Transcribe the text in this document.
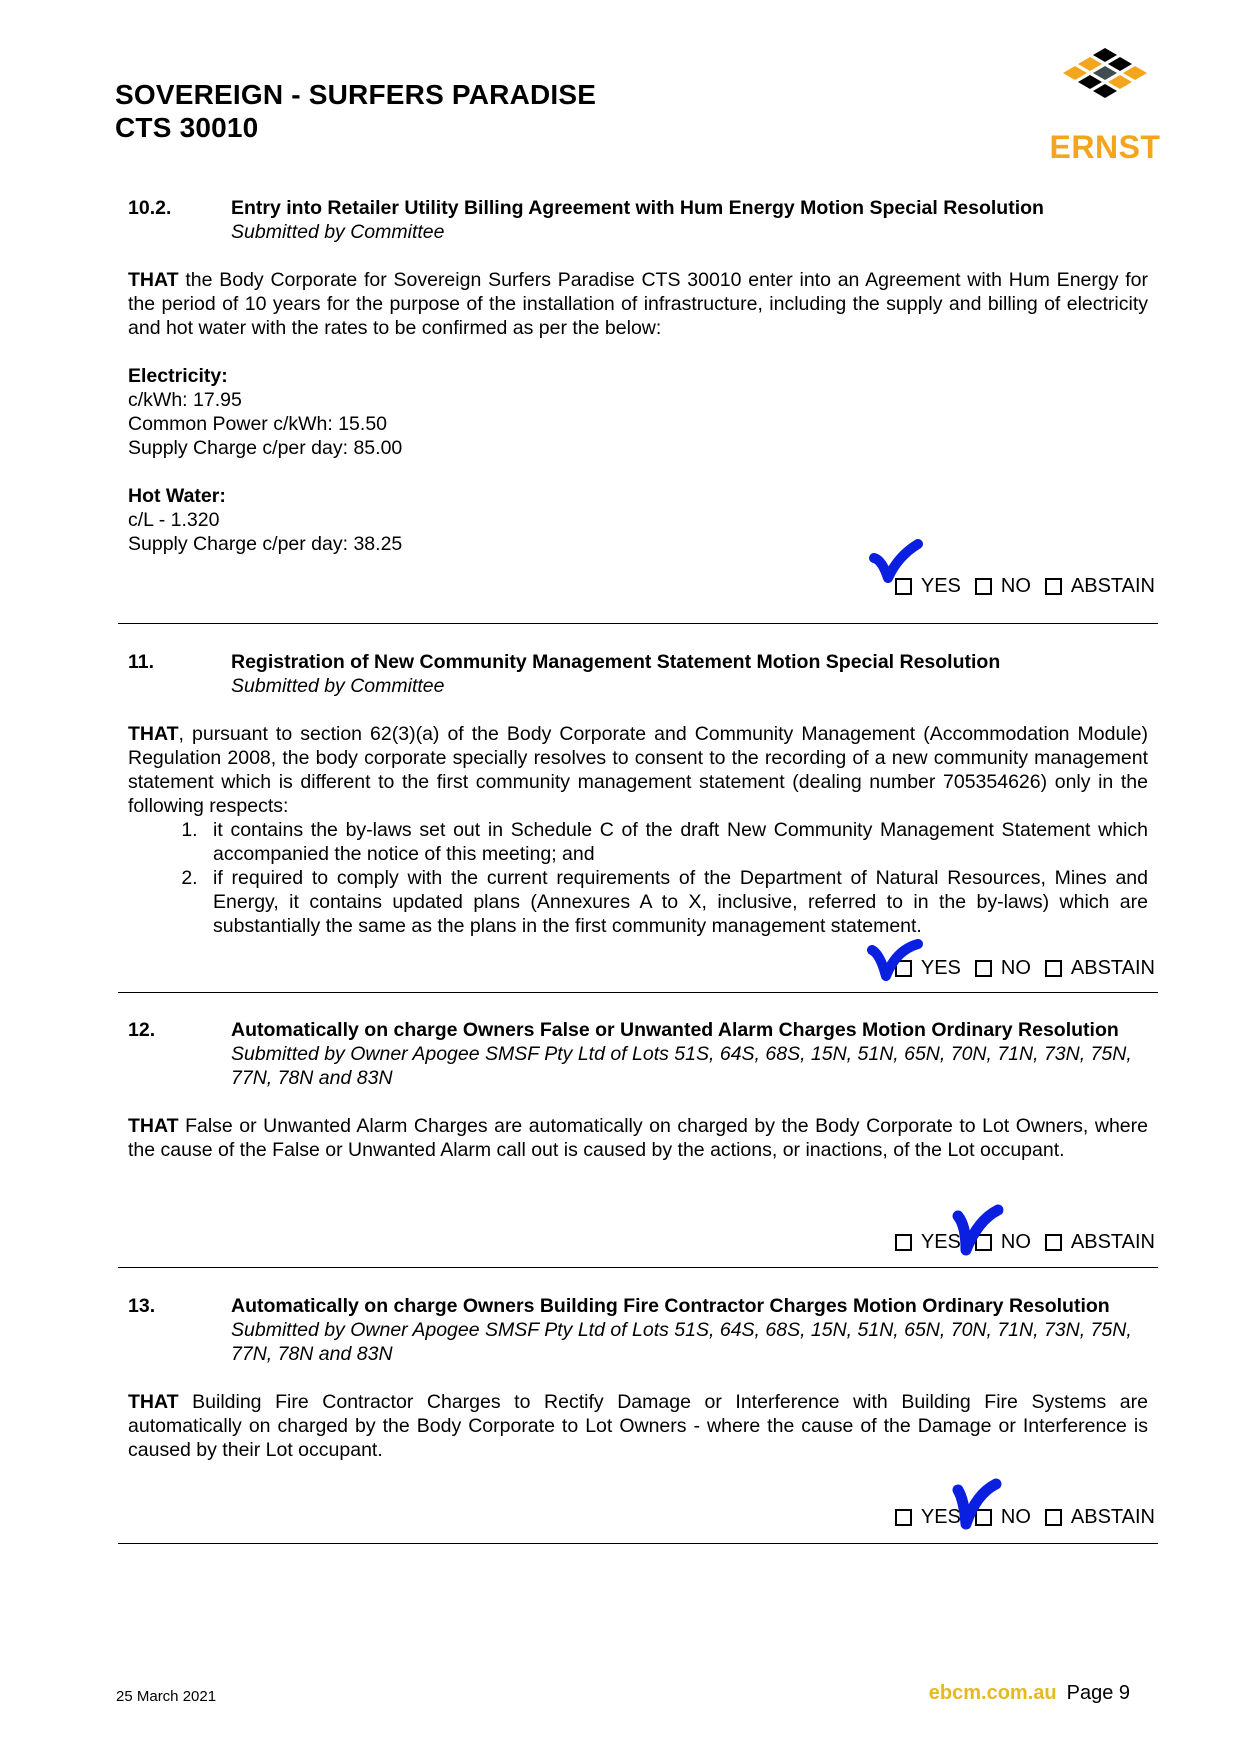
SOVEREIGN - SURFERS PARADISE
CTS 30010
ERNST
10.2.	Entry into Retailer Utility Billing Agreement with Hum Energy Motion Special Resolution
Submitted by Committee
THAT the Body Corporate for Sovereign Surfers Paradise CTS 30010 enter into an Agreement with Hum Energy for the period of 10 years for the purpose of the installation of infrastructure, including the supply and billing of electricity and hot water with the rates to be confirmed as per the below:
Electricity:
c/kWh: 17.95
Common Power c/kWh: 15.50
Supply Charge c/per day: 85.00
Hot Water:
c/L - 1.320
Supply Charge c/per day: 38.25
YES NO ABSTAIN
11.	Registration of New Community Management Statement Motion Special Resolution
Submitted by Committee
THAT, pursuant to section 62(3)(a) of the Body Corporate and Community Management (Accommodation Module) Regulation 2008, the body corporate specially resolves to consent to the recording of a new community management statement which is different to the first community management statement (dealing number 705354626) only in the following respects:
1. it contains the by-laws set out in Schedule C of the draft New Community Management Statement which accompanied the notice of this meeting; and
2. if required to comply with the current requirements of the Department of Natural Resources, Mines and Energy, it contains updated plans (Annexures A to X, inclusive, referred to in the by-laws) which are substantially the same as the plans in the first community management statement.
YES NO ABSTAIN
12.	Automatically on charge Owners False or Unwanted Alarm Charges Motion Ordinary Resolution
Submitted by Owner Apogee SMSF Pty Ltd of Lots 51S, 64S, 68S, 15N, 51N, 65N, 70N, 71N, 73N, 75N, 77N, 78N and 83N
THAT False or Unwanted Alarm Charges are automatically on charged by the Body Corporate to Lot Owners, where the cause of the False or Unwanted Alarm call out is caused by the actions, or inactions, of the Lot occupant.
YES NO ABSTAIN
13.	Automatically on charge Owners Building Fire Contractor Charges Motion Ordinary Resolution
Submitted by Owner Apogee SMSF Pty Ltd of Lots 51S, 64S, 68S, 15N, 51N, 65N, 70N, 71N, 73N, 75N, 77N, 78N and 83N
THAT Building Fire Contractor Charges to Rectify Damage or Interference with Building Fire Systems are automatically on charged by the Body Corporate to Lot Owners - where the cause of the Damage or Interference is caused by their Lot occupant.
YES NO ABSTAIN
25 March 2021	ebcm.com.au Page 9
